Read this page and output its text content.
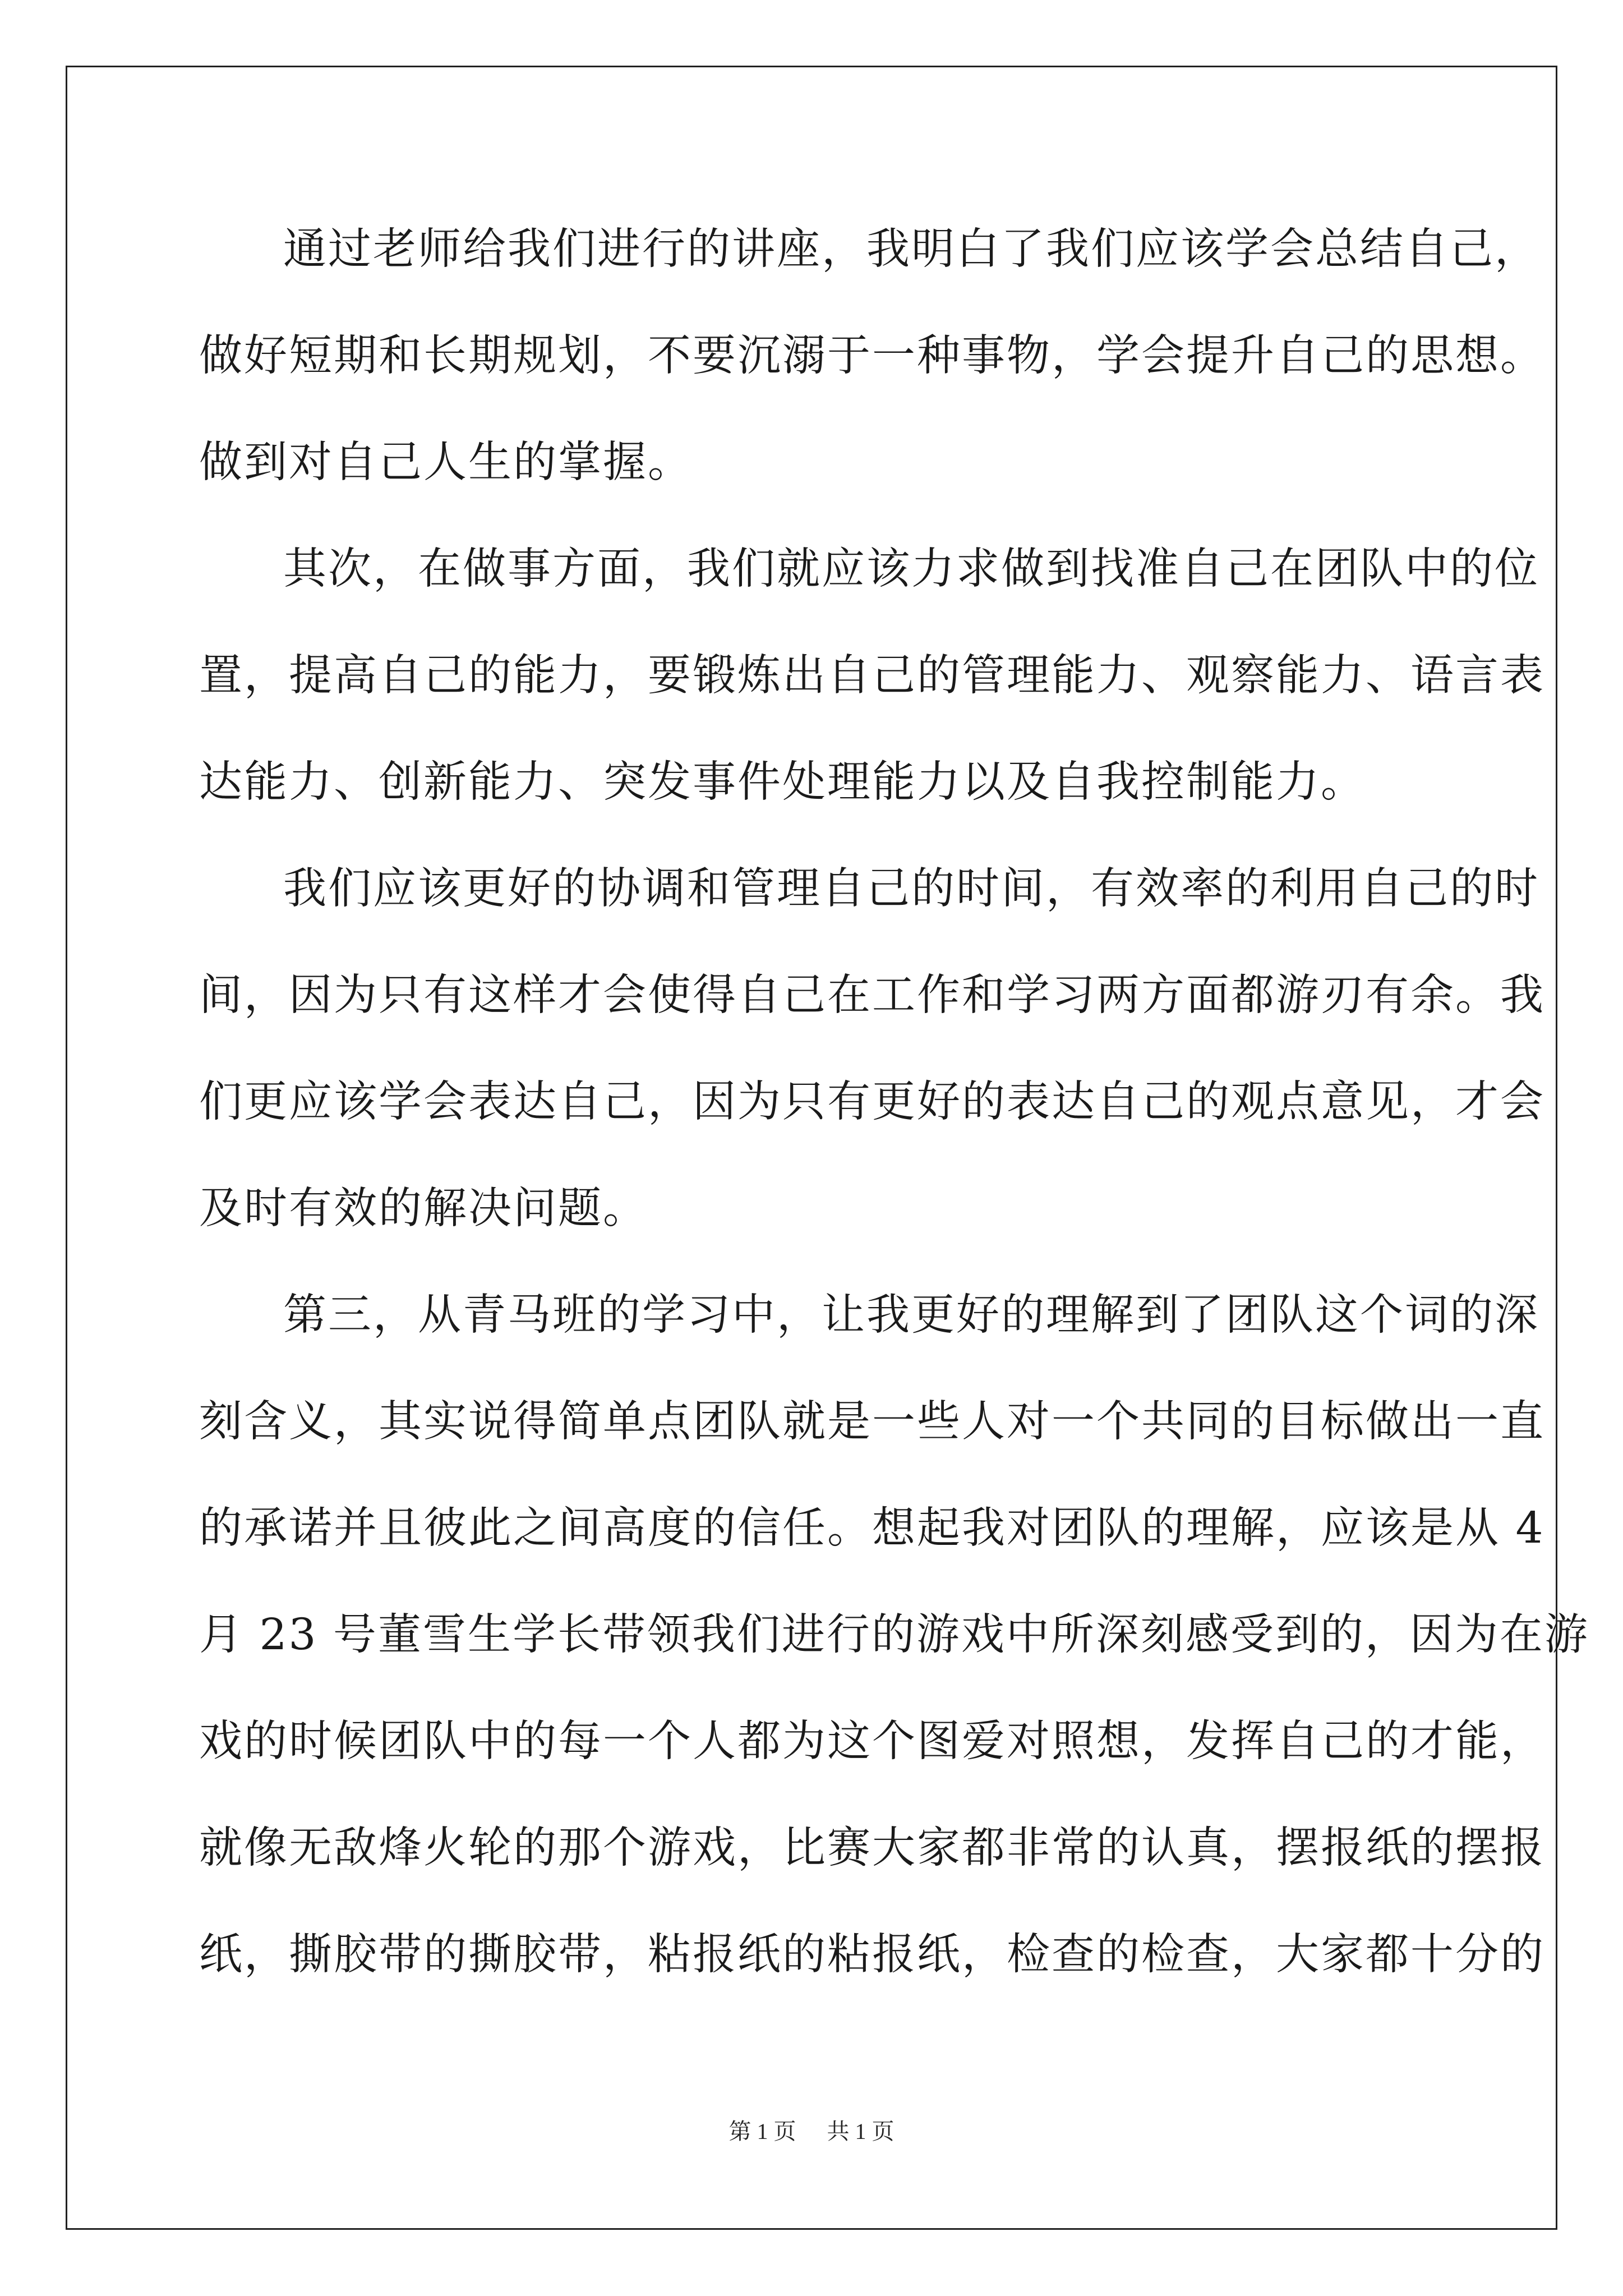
通过老师给我们进行的讲座，我明白了我们应该学会总结自己，
做好短期和长期规划，不要沉溺于一种事物，学会提升自己的思想。
做到对自己人生的掌握。
其次，在做事方面，我们就应该力求做到找准自己在团队中的位
置，提高自己的能力，要锻炼出自己的管理能力、观察能力、语言表
达能力、创新能力、突发事件处理能力以及自我控制能力。
我们应该更好的协调和管理自己的时间，有效率的利用自己的时
间，因为只有这样才会使得自己在工作和学习两方面都游刃有余。我
们更应该学会表达自己，因为只有更好的表达自己的观点意见，才会
及时有效的解决问题。
第三，从青马班的学习中，让我更好的理解到了团队这个词的深
刻含义，其实说得简单点团队就是一些人对一个共同的目标做出一直
的承诺并且彼此之间高度的信任。想起我对团队的理解，应该是从 4
月 23 号董雪生学长带领我们进行的游戏中所深刻感受到的，因为在游
戏的时候团队中的每一个人都为这个图爱对照想，发挥自己的才能，
就像无敌烽火轮的那个游戏，比赛大家都非常的认真，摆报纸的摆报
纸，撕胶带的撕胶带，粘报纸的粘报纸，检查的检查，大家都十分的
第 1 页 共 1 页
